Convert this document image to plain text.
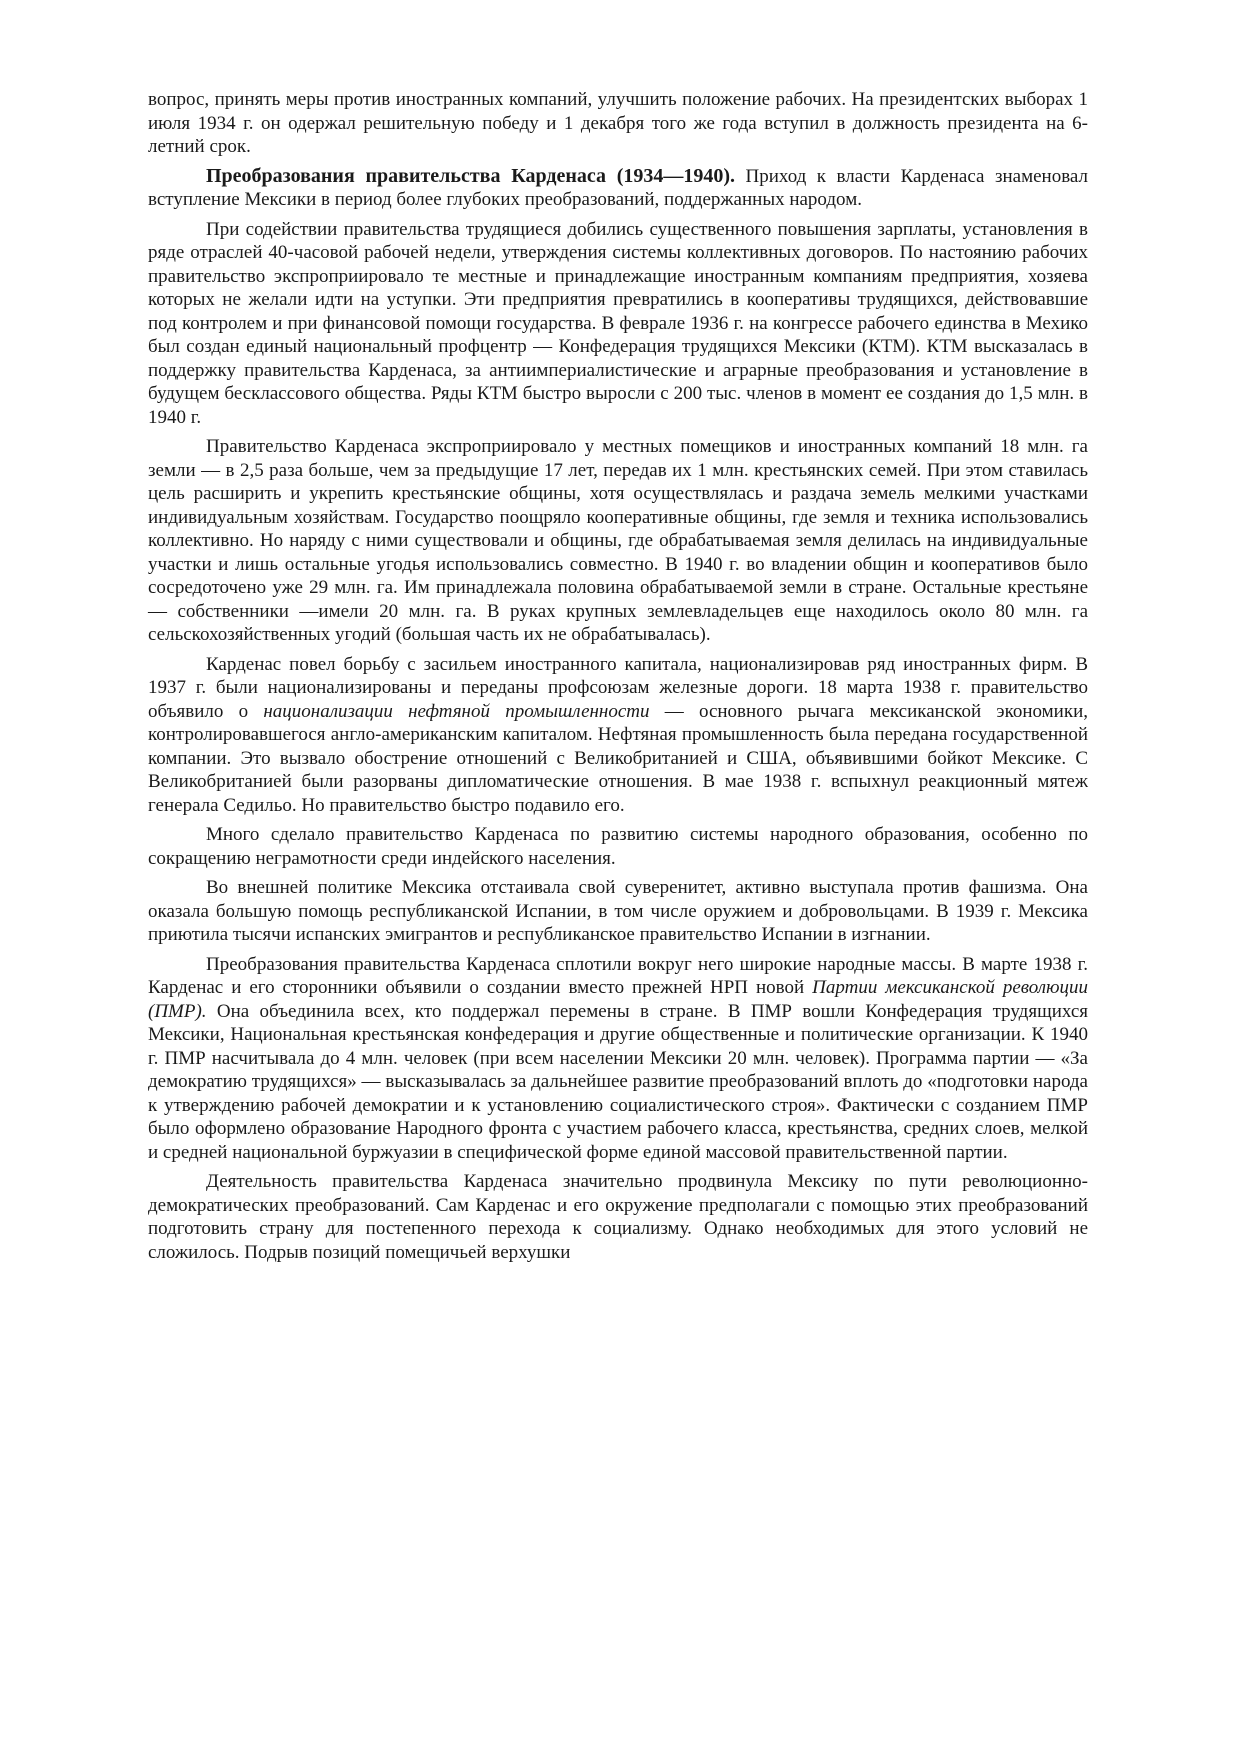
вопрос, принять меры против иностранных компаний, улучшить положение рабочих. На президентских выборах 1 июля 1934 г. он одержал решительную победу и 1 декабря того же года вступил в должность президента на 6-летний срок.

Преобразования правительства Карденаса (1934—1940). Приход к власти Карденаса знаменовал вступление Мексики в период более глубоких преобразований, поддержанных народом.

При содействии правительства трудящиеся добились существенного повышения зарплаты, установления в ряде отраслей 40-часовой рабочей недели, утверждения системы коллективных договоров. По настоянию рабочих правительство экспроприировало те местные и принадлежащие иностранным компаниям предприятия, хозяева которых не желали идти на уступки. Эти предприятия превратились в кооперативы трудящихся, действовавшие под контролем и при финансовой помощи государства. В феврале 1936 г. на конгрессе рабочего единства в Мехико был создан единый национальный профцентр — Конфедерация трудящихся Мексики (КТМ). КТМ высказалась в поддержку правительства Карденаса, за антиимпериалистические и аграрные преобразования и установление в будущем бесклассового общества. Ряды КТМ быстро выросли с 200 тыс. членов в момент ее создания до 1,5 млн. в 1940 г.

Правительство Карденаса экспроприировало у местных помещиков и иностранных компаний 18 млн. га земли — в 2,5 раза больше, чем за предыдущие 17 лет, передав их 1 млн. крестьянских семей. При этом ставилась цель расширить и укрепить крестьянские общины, хотя осуществлялась и раздача земель мелкими участками индивидуальным хозяйствам. Государство поощряло кооперативные общины, где земля и техника использовались коллективно. Но наряду с ними существовали и общины, где обрабатываемая земля делилась на индивидуальные участки и лишь остальные угодья использовались совместно. В 1940 г. во владении общин и кооперативов было сосредоточено уже 29 млн. га. Им принадлежала половина обрабатываемой земли в стране. Остальные крестьяне — собственники —имели 20 млн. га. В руках крупных землевладельцев еще находилось около 80 млн. га сельскохозяйственных угодий (большая часть их не обрабатывалась).

Карденас повел борьбу с засильем иностранного капитала, национализировав ряд иностранных фирм. В 1937 г. были национализированы и переданы профсоюзам железные дороги. 18 марта 1938 г. правительство объявило о национализации нефтяной промышленности — основного рычага мексиканской экономики, контролировавшегося англо-американским капиталом. Нефтяная промышленность была передана государственной компании. Это вызвало обострение отношений с Великобританией и США, объявившими бойкот Мексике. С Великобританией были разорваны дипломатические отношения. В мае 1938 г. вспыхнул реакционный мятеж генерала Седильо. Но правительство быстро подавило его.

Много сделало правительство Карденаса по развитию системы народного образования, особенно по сокращению неграмотности среди индейского населения.

Во внешней политике Мексика отстаивала свой суверенитет, активно выступала против фашизма. Она оказала большую помощь республиканской Испании, в том числе оружием и добровольцами. В 1939 г. Мексика приютила тысячи испанских эмигрантов и республиканское правительство Испании в изгнании.

Преобразования правительства Карденаса сплотили вокруг него широкие народные массы. В марте 1938 г. Карденас и его сторонники объявили о создании вместо прежней НРП новой Партии мексиканской революции (ПМР). Она объединила всех, кто поддержал перемены в стране. В ПМР вошли Конфедерация трудящихся Мексики, Национальная крестьянская конфедерация и другие общественные и политические организации. К 1940 г. ПМР насчитывала до 4 млн. человек (при всем населении Мексики 20 млн. человек). Программа партии — «За демократию трудящихся» — высказывалась за дальнейшее развитие преобразований вплоть до «подготовки народа к утверждению рабочей демократии и к установлению социалистического строя». Фактически с созданием ПМР было оформлено образование Народного фронта с участием рабочего класса, крестьянства, средних слоев, мелкой и средней национальной буржуазии в специфической форме единой массовой правительственной партии.

Деятельность правительства Карденаса значительно продвинула Мексику по пути революционно-демократических преобразований. Сам Карденас и его окружение предполагали с помощью этих преобразований подготовить страну для постепенного перехода к социализму. Однако необходимых для этого условий не сложилось. Подрыв позиций помещичьей верхушки
